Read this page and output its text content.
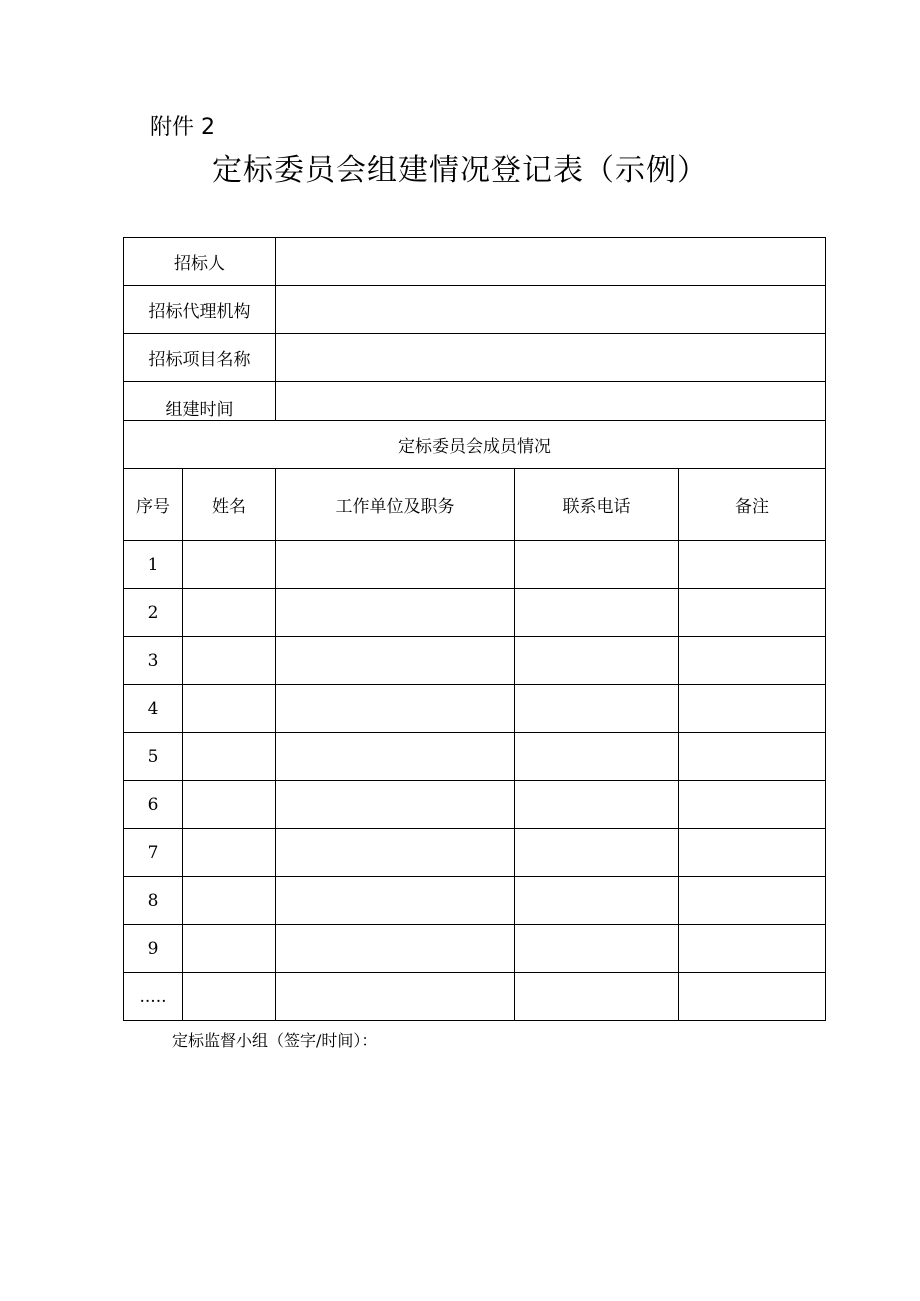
附件 2
定标委员会组建情况登记表（示例）
招标人				
招标代理机构				
招标项目名称				
组建时间				
定标委员会成员情况				
序号	姓名	工作单位及职务	联系电话	备注
1				
2				
3				
4				
5				
6				
7				
8				
9				
.....				
定标监督小组（签字/时间）：
